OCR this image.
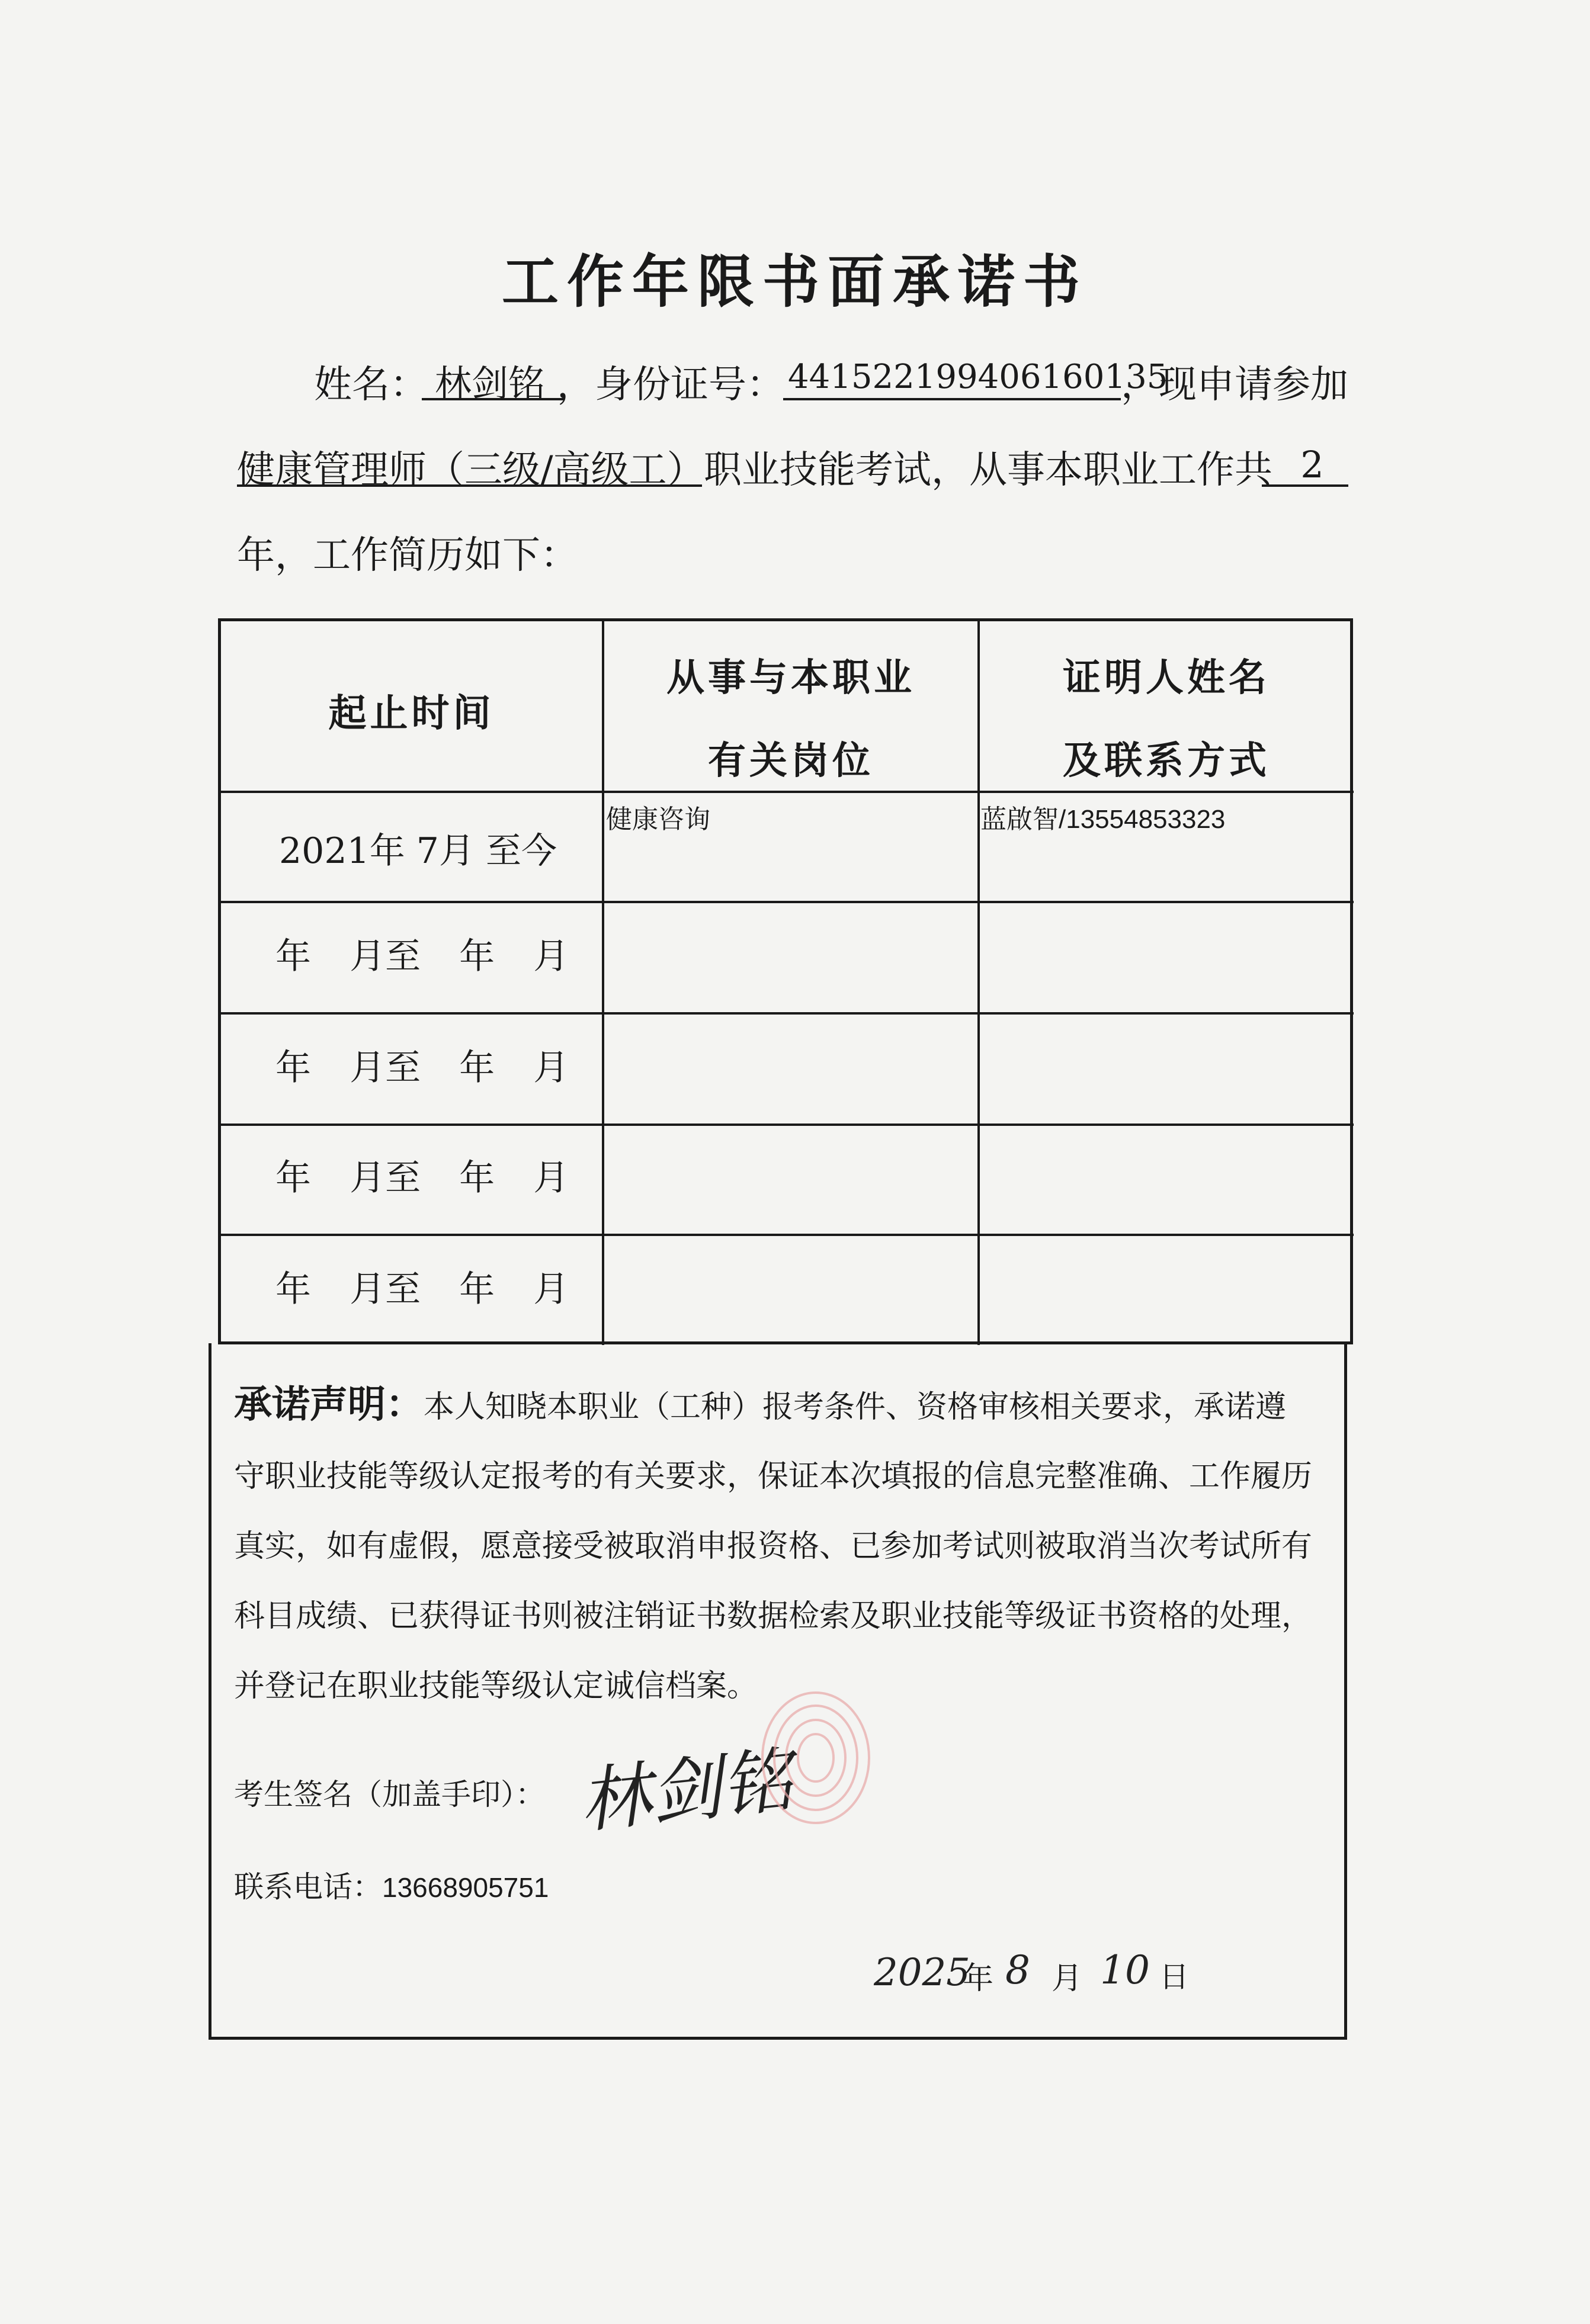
工作年限书面承诺书
姓名： 林剑铭 ，身份证号： 441522199406160135
，现申请参加
健康管理师（三级/高级工）
职业技能考试，从事本职业工作共 2
年，工作简历如下：
起止时间
从事与本职业
有关岗位
证明人姓名
及联系方式
2021年 7月 至今
健康咨询	蓝啟智/13554853323
年 月至 年 月
年 月至 年 月
年 月至 年 月
年 月至 年 月
承诺声明：本人知晓本职业（工种）报考条件、资格审核相关要求，承诺遵
守职业技能等级认定报考的有关要求，保证本次填报的信息完整准确、工作履历
真实，如有虚假，愿意接受被取消申报资格、已参加考试则被取消当次考试所有
科目成绩、已获得证书则被注销证书数据检索及职业技能等级证书资格的处理，
并登记在职业技能等级认定诚信档案。
考生签名（加盖手印）： 林剑铭
联系电话：13668905751
2025
年 8 月 10 日
